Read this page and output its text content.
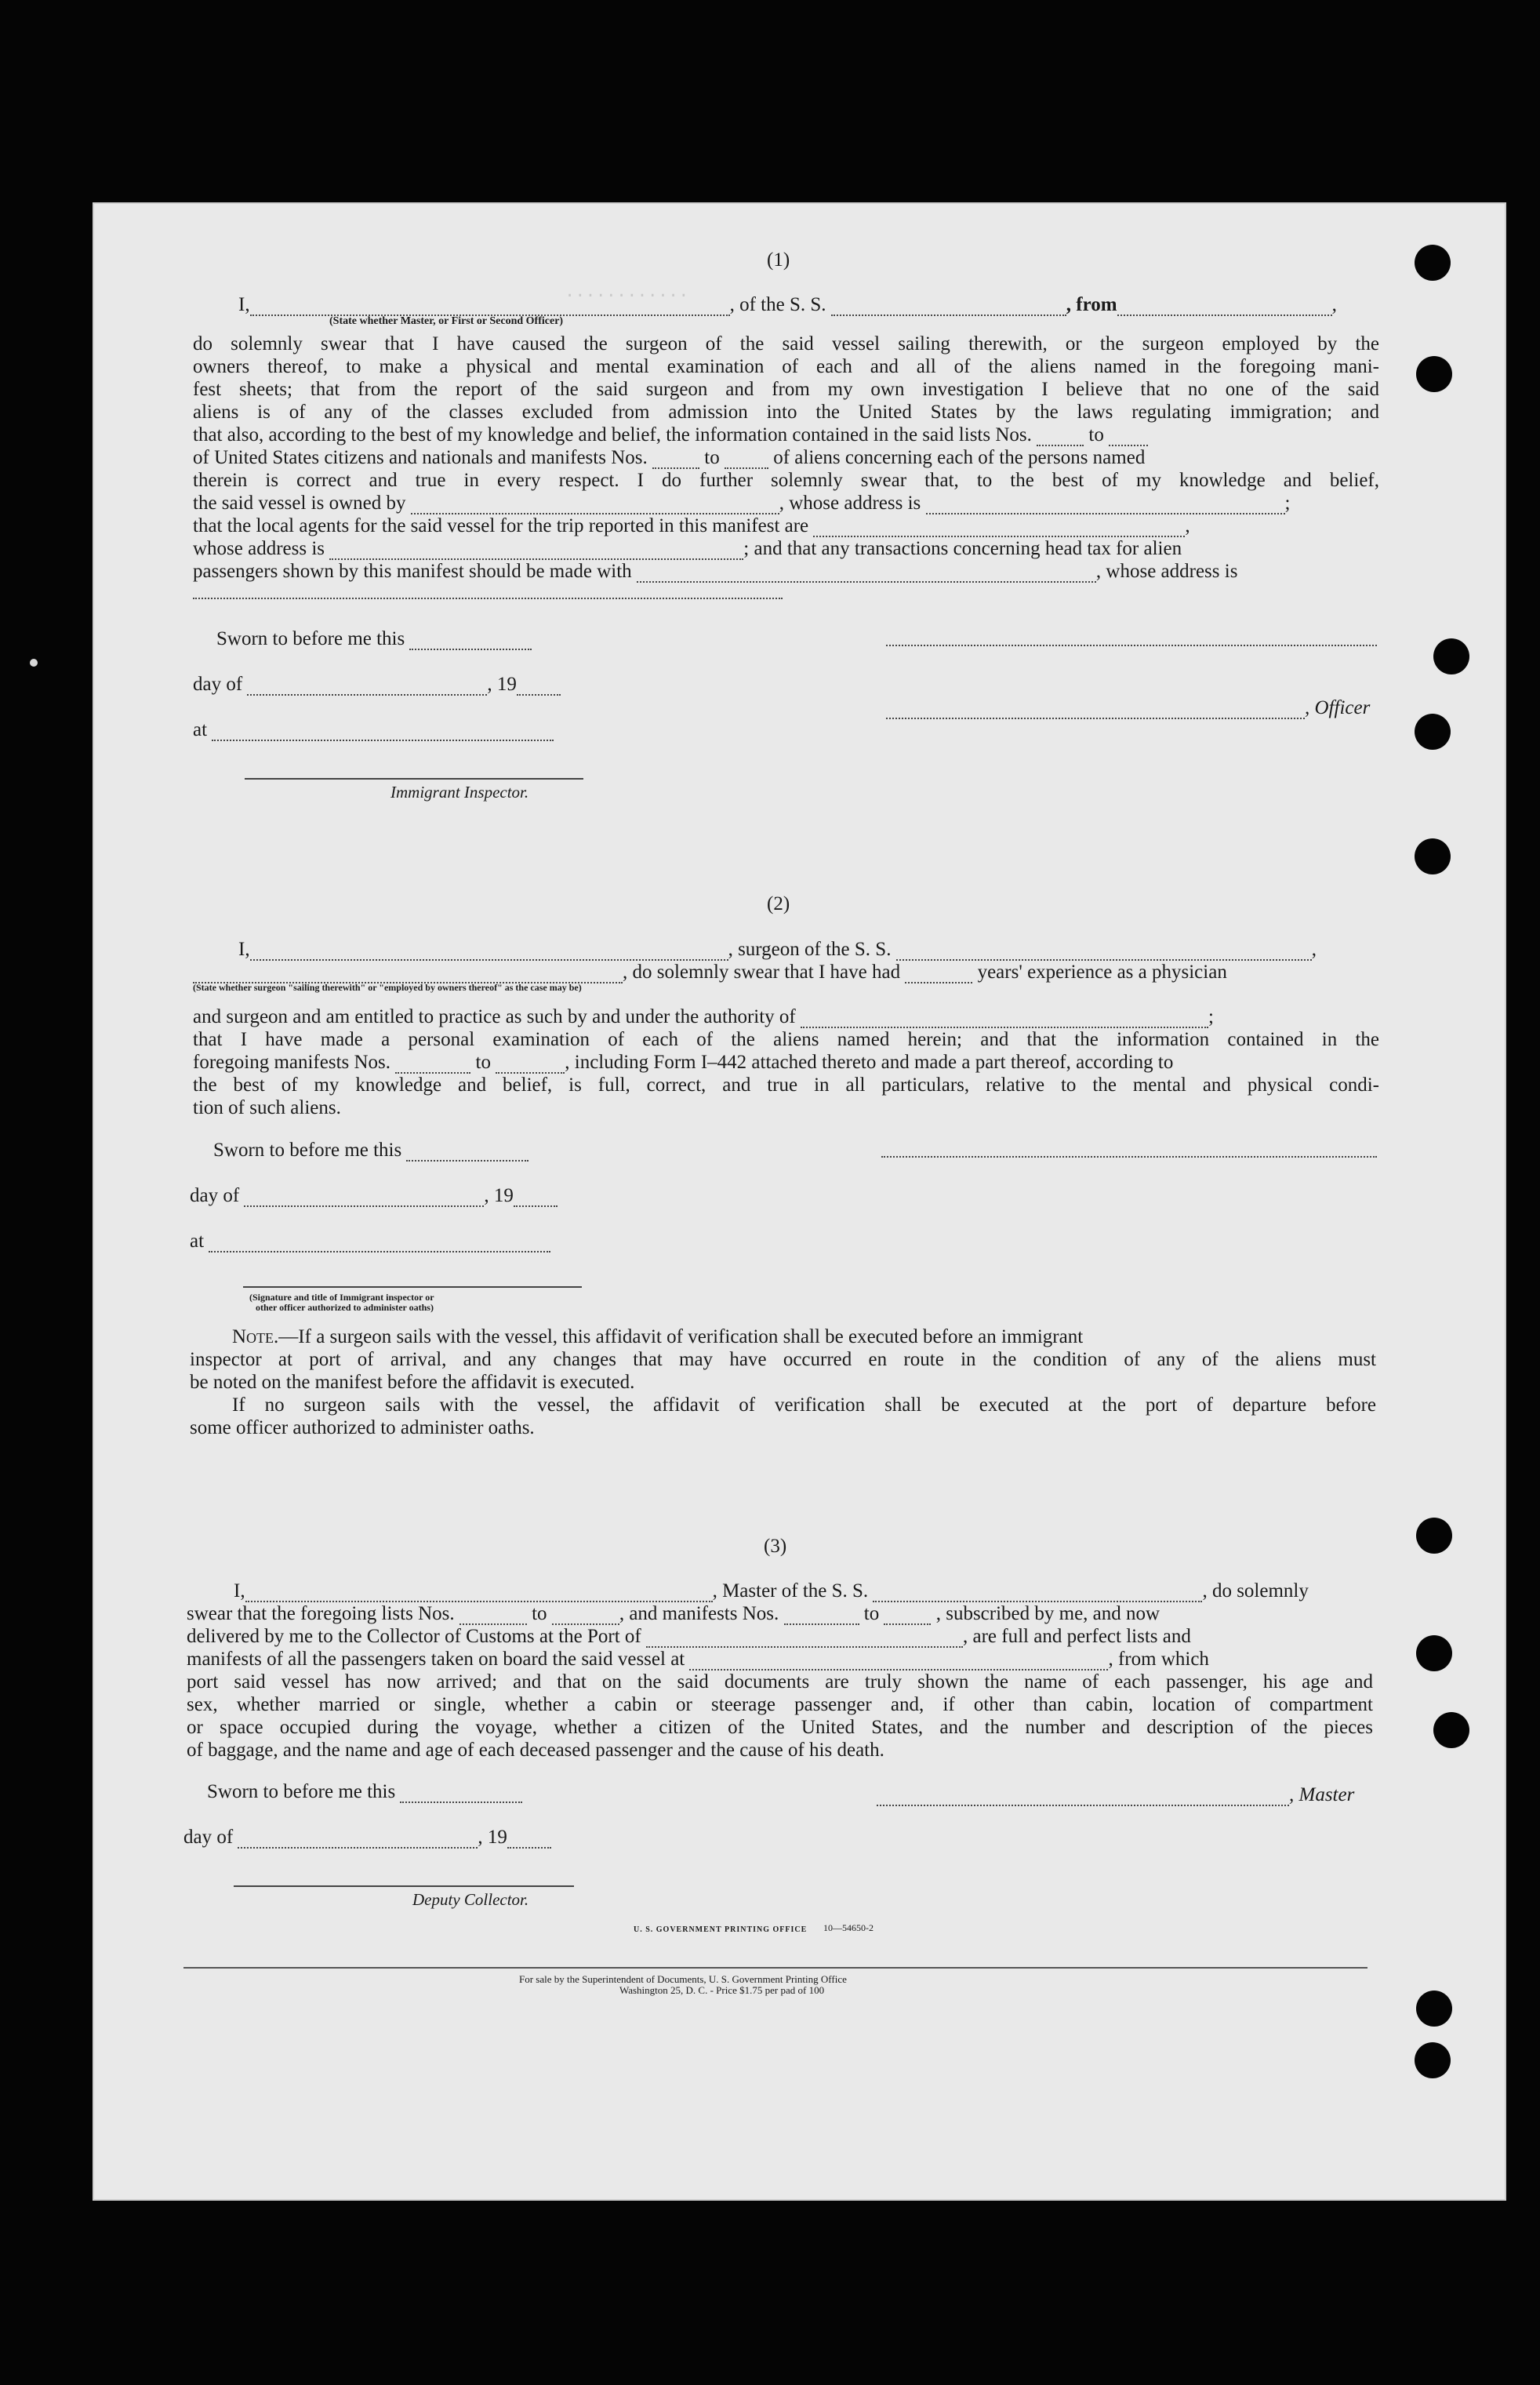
............
(1)
I,	, of the S. S.	, from	,
(State whether Master, or First or Second Officer)
do solemnly swear that I have caused the surgeon of the said vessel sailing therewith, or the surgeon employed by the
owners thereof, to make a physical and mental examination of each and all of the aliens named in the foregoing mani-
fest sheets; that from the report of the said surgeon and from my own investigation I believe that no one of the said
aliens is of any of the classes excluded from admission into the United States by the laws regulating immigration; and
that also, according to the best of my knowledge and belief, the information contained in the said lists Nos.	to
of United States citizens and nationals and manifests Nos.	to	of aliens concerning each of the persons named
therein is correct and true in every respect. I do further solemnly swear that, to the best of my knowledge and belief,
the said vessel is owned by	, whose address is	;
that the local agents for the said vessel for the trip reported in this manifest are	,
whose address is	; and that any transactions concerning head tax for alien
passengers shown by this manifest should be made with	, whose address is
Sworn to before me this
day of	, 19
, Officer
at
Immigrant Inspector.
(2)
I,	, surgeon of the S. S.	,
, do solemnly swear that I have had	years' experience as a physician
(State whether surgeon "sailing therewith" or "employed by owners thereof" as the case may be)
and surgeon and am entitled to practice as such by and under the authority of	;
that I have made a personal examination of each of the aliens named herein; and that the information contained in the
foregoing manifests Nos.	to	, including Form I–442 attached thereto and made a part thereof, according to
the best of my knowledge and belief, is full, correct, and true in all particulars, relative to the mental and physical condi-
tion of such aliens.
Sworn to before me this
day of	, 19
at
(Signature and title of Immigrant inspector or
other officer authorized to administer oaths)
Note.—If a surgeon sails with the vessel, this affidavit of verification shall be executed before an immigrant
inspector at port of arrival, and any changes that may have occurred en route in the condition of any of the aliens must
be noted on the manifest before the affidavit is executed.
If no surgeon sails with the vessel, the affidavit of verification shall be executed at the port of departure before
some officer authorized to administer oaths.
(3)
I,	, Master of the S. S.	, do solemnly
swear that the foregoing lists Nos.	to	, and manifests Nos.	to	, subscribed by me, and now
delivered by me to the Collector of Customs at the Port of	, are full and perfect lists and
manifests of all the passengers taken on board the said vessel at	, from which
port said vessel has now arrived; and that on the said documents are truly shown the name of each passenger, his age and
sex, whether married or single, whether a cabin or steerage passenger and, if other than cabin, location of compartment
or space occupied during the voyage, whether a citizen of the United States, and the number and description of the pieces
of baggage, and the name and age of each deceased passenger and the cause of his death.
Sworn to before me this	, Master
day of	, 19
Deputy Collector.
U. S. GOVERNMENT PRINTING OFFICE 10—54650-2
For sale by the Superintendent of Documents, U. S. Government Printing Office
Washington 25, D. C. - Price $1.75 per pad of 100
